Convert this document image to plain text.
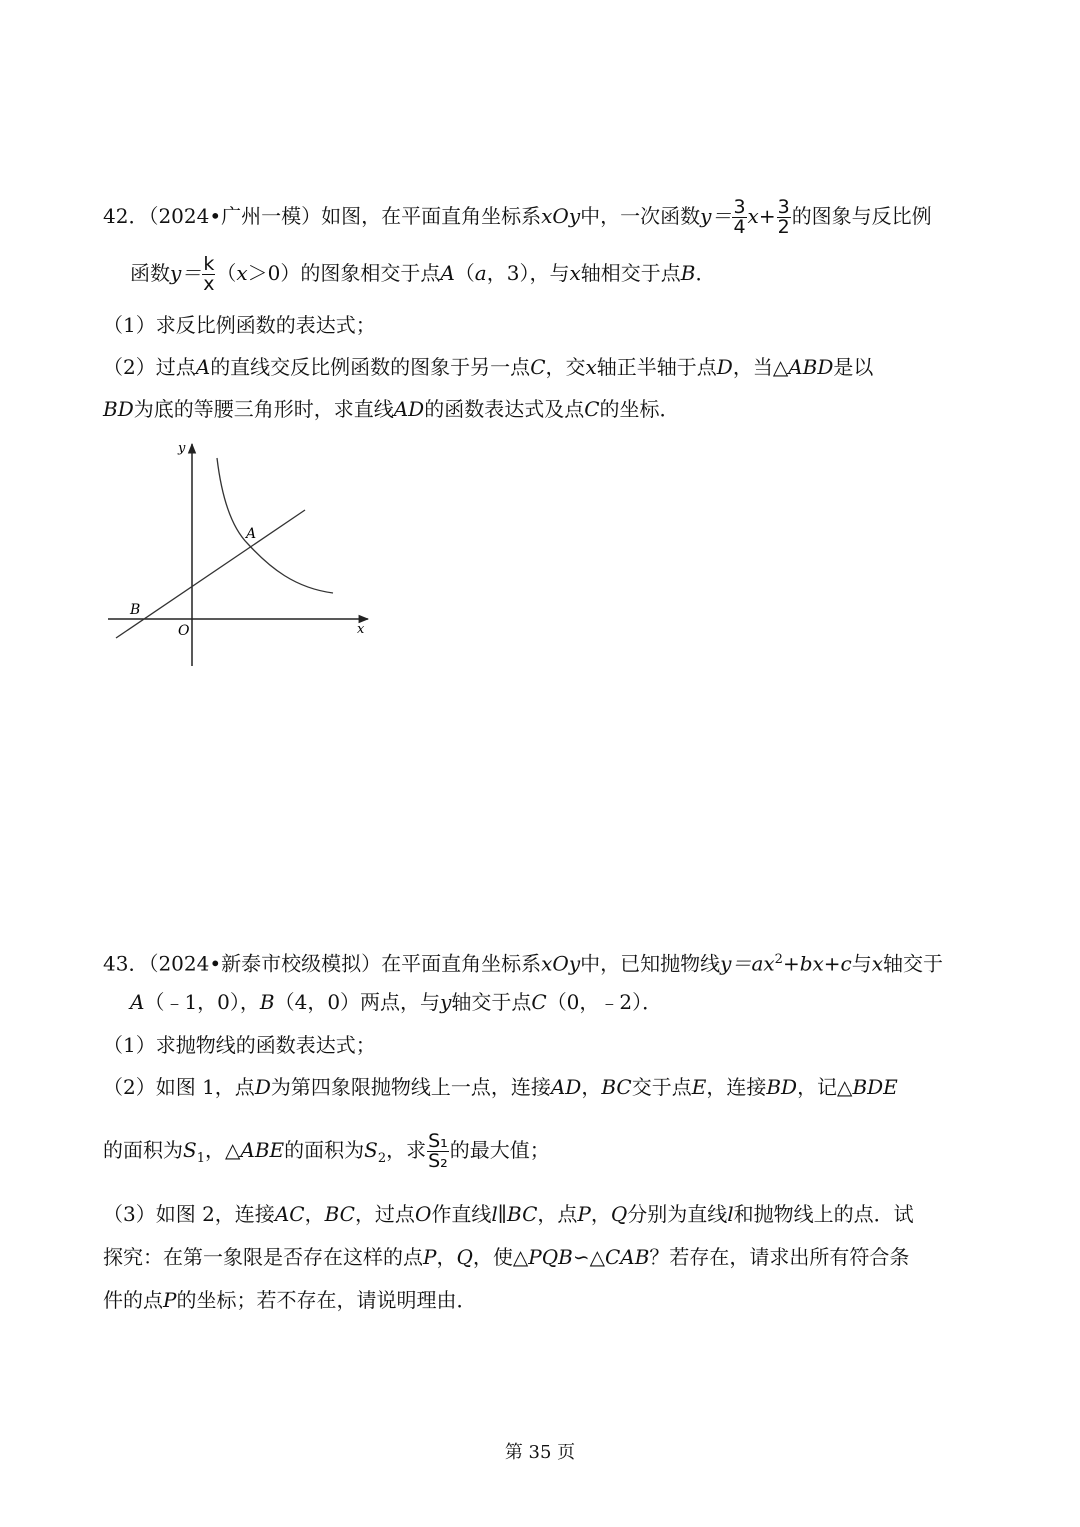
42．（2024•广州一模）如图，在平面直角坐标系xOy中，一次函数$y= \frac{3}{4} x+ \frac{3}{2}$ 的图象与反比例
函数$y= \frac{k}{x} (x>0)$的图象相交于点A（a，3），与x轴相交于点B．
（1）求反比例函数的表达式；
（2）过点A的直线交反比例函数的图象于另一点C，交x轴正半轴于点D，当△ABD是以
BD为底的等腰三角形时，求直线AD的函数表达式及点C的坐标．
y
x
O
A
B
43．（2024•新泰市校级模拟）在平面直角坐标系xOy中，已知抛物线$y=ax^2+bx+c$与x轴交于
A（﹣1，0），B（4，0）两点，与y轴交于点C（0，﹣2）．
（1）求抛物线的函数表达式；
（2）如图 1，点D为第四象限抛物线上一点，连接AD，BC交于点E，连接BD，记△BDE
的面积为$S_1$，△ABE的面积为$S_2$，求 $\frac{\text{S₁}}{\text{S₂}}$ 的最大值；
（3）如图 2，连接AC，BC，过点O作直线l∥BC，点P，Q分别为直线l和抛物线上的点．试
探究：在第一象限是否存在这样的点P，Q，使△PQB∽△CAB？若存在，请求出所有符合条
件的点P的坐标；若不存在，请说明理由．
第 35 页
